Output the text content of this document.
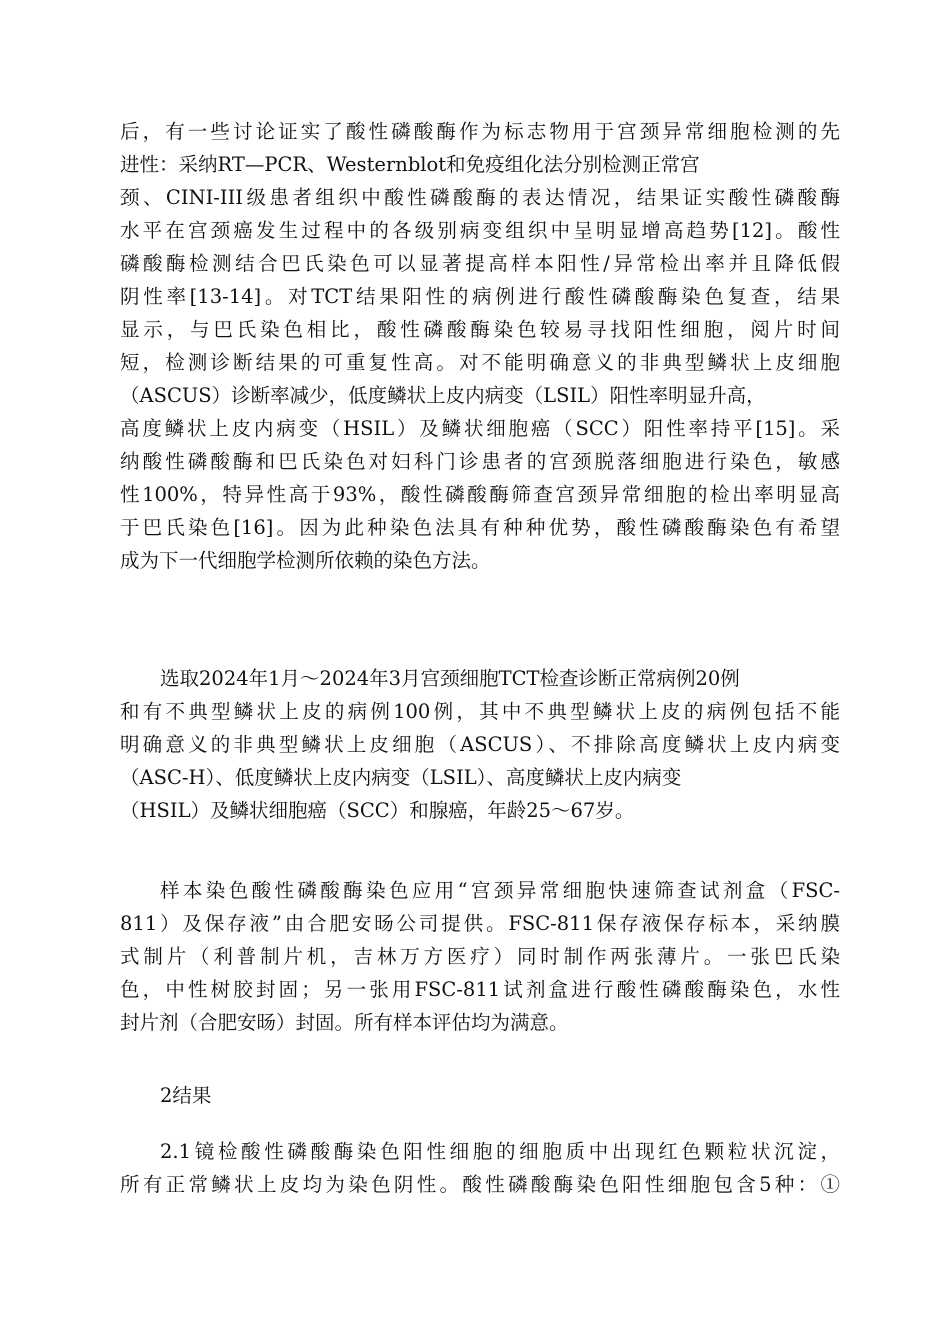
后，有一些讨论证实了酸性磷酸酶作为标志物用于宫颈异常细胞检测的先
进性：采纳RT—PCR、Westernblot和免疫组化法分别检测正常宫
颈、CINI-III级患者组织中酸性磷酸酶的表达情况，结果证实酸性磷酸酶
水平在宫颈癌发生过程中的各级别病变组织中呈明显增高趋势[12]。酸性
磷酸酶检测结合巴氏染色可以显著提高样本阳性/异常检出率并且降低假
阴性率[13-14]。对TCT结果阳性的病例进行酸性磷酸酶染色复查，结果
显示，与巴氏染色相比，酸性磷酸酶染色较易寻找阳性细胞，阅片时间
短，检测诊断结果的可重复性高。对不能明确意义的非典型鳞状上皮细胞
（ASCUS）诊断率减少，低度鳞状上皮内病变（LSIL）阳性率明显升高，
高度鳞状上皮内病变（HSIL）及鳞状细胞癌（SCC）阳性率持平[15]。采
纳酸性磷酸酶和巴氏染色对妇科门诊患者的宫颈脱落细胞进行染色，敏感
性100%，特异性高于93%，酸性磷酸酶筛查宫颈异常细胞的检出率明显高
于巴氏染色[16]。因为此种染色法具有种种优势，酸性磷酸酶染色有希望
成为下一代细胞学检测所依赖的染色方法。
选取2024年1月～2024年3月宫颈细胞TCT检查诊断正常病例20例
和有不典型鳞状上皮的病例100例，其中不典型鳞状上皮的病例包括不能
明确意义的非典型鳞状上皮细胞（ASCUS）、不排除高度鳞状上皮内病变
（ASC-H）、低度鳞状上皮内病变（LSIL）、高度鳞状上皮内病变
（HSIL）及鳞状细胞癌（SCC）和腺癌，年龄25～67岁。
样本染色酸性磷酸酶染色应用“宫颈异常细胞快速筛查试剂盒（FSC-
811）及保存液”由合肥安旸公司提供。FSC-811保存液保存标本，采纳膜
式制片（利普制片机，吉林万方医疗）同时制作两张薄片。一张巴氏染
色，中性树胶封固；另一张用FSC-811试剂盒进行酸性磷酸酶染色，水性
封片剂（合肥安旸）封固。所有样本评估均为满意。
2结果
2.1镜检酸性磷酸酶染色阳性细胞的细胞质中出现红色颗粒状沉淀，
所有正常鳞状上皮均为染色阴性。酸性磷酸酶染色阳性细胞包含5种：①
